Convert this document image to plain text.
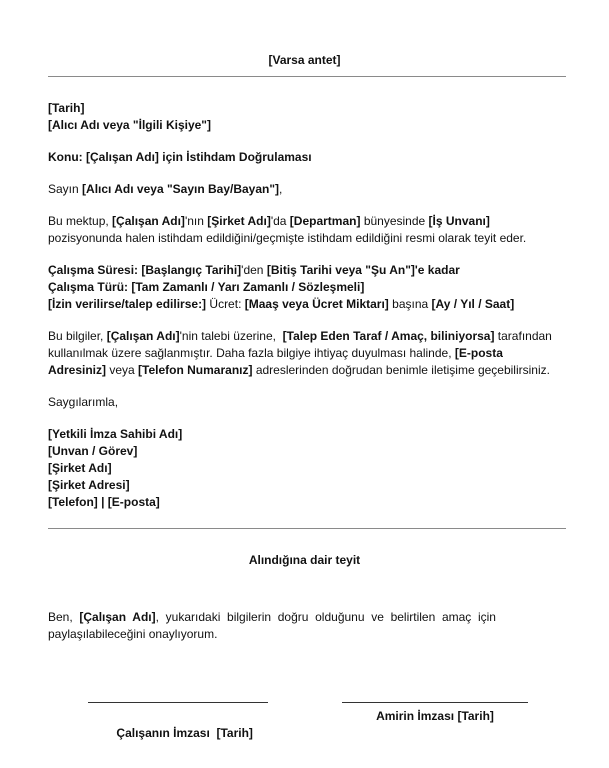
[Varsa antet]
[Tarih]
[Alıcı Adı veya "İlgili Kişiye"]
Konu: [Çalışan Adı] için İstihdam Doğrulaması
Sayın [Alıcı Adı veya "Sayın Bay/Bayan"],
Bu mektup, [Çalışan Adı]'nın [Şirket Adı]'da [Departman] bünyesinde [İş Unvanı]
pozisyonunda halen istihdam edildiğini/geçmişte istihdam edildiğini resmi olarak teyit eder.
Çalışma Süresi: [Başlangıç Tarihi]'den [Bitiş Tarihi veya "Şu An"]'e kadar
Çalışma Türü: [Tam Zamanlı / Yarı Zamanlı / Sözleşmeli]
[İzin verilirse/talep edilirse:] Ücret: [Maaş veya Ücret Miktarı] başına [Ay / Yıl / Saat]
Bu bilgiler, [Çalışan Adı]'nin talebi üzerine,  [Talep Eden Taraf / Amaç, biliniyorsa] tarafından
kullanılmak üzere sağlanmıştır. Daha fazla bilgiye ihtiyaç duyulması halinde, [E-posta
Adresiniz] veya [Telefon Numaranız] adreslerinden doğrudan benimle iletişime geçebilirsiniz.
Saygılarımla,
[Yetkili İmza Sahibi Adı]
[Unvan / Görev]
[Şirket Adı]
[Şirket Adresi]
[Telefon] | [E-posta]
Alındığına dair teyit
Ben, [Çalışan Adı], yukarıdaki bilgilerin doğru olduğunu ve belirtilen amaç için
paylaşılabileceğini onaylıyorum.

Çalışanın İmzası  [Tarih]

Amirin İmzası [Tarih]
